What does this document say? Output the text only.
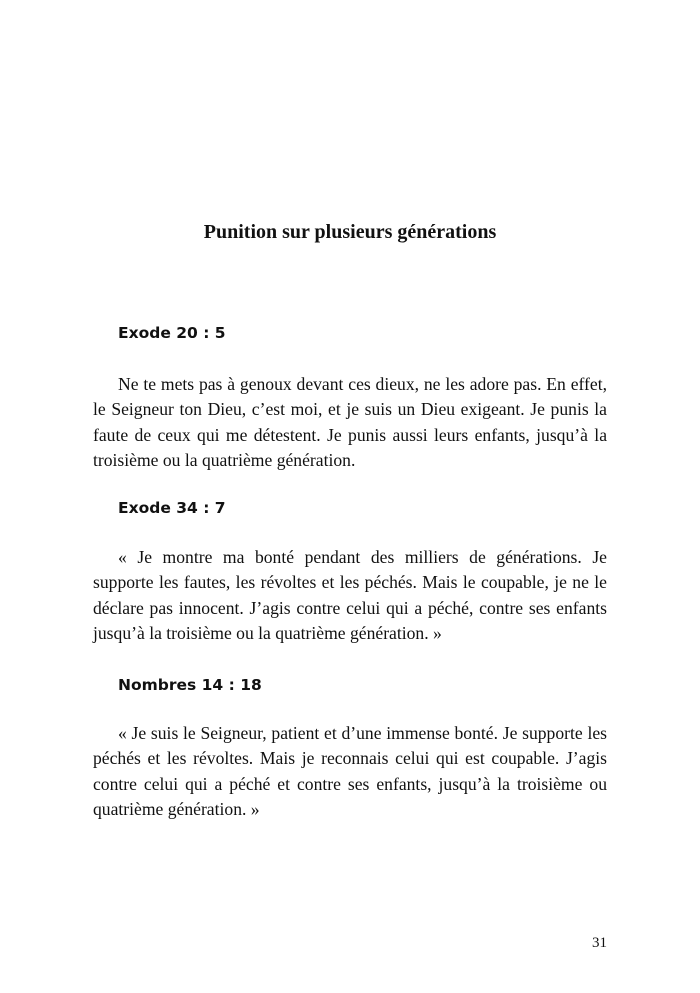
Punition sur plusieurs générations

Exode 20 : 5

Ne te mets pas à genoux devant ces dieux, ne les adore pas. En effet, le Seigneur ton Dieu, c’est moi, et je suis un Dieu exigeant. Je punis la faute de ceux qui me détestent. Je punis aussi leurs enfants, jusqu’à la troisième ou la quatrième génération.

Exode 34 : 7

« Je montre ma bonté pendant des milliers de générations. Je supporte les fautes, les révoltes et les péchés. Mais le coupable, je ne le déclare pas innocent. J’agis contre celui qui a péché, contre ses enfants jusqu’à la troisième ou la quatrième génération. »

Nombres 14 : 18

« Je suis le Seigneur, patient et d’une immense bonté. Je supporte les péchés et les révoltes. Mais je reconnais celui qui est coupable. J’agis contre celui qui a péché et contre ses enfants, jusqu’à la troisième ou quatrième génération. »

31
